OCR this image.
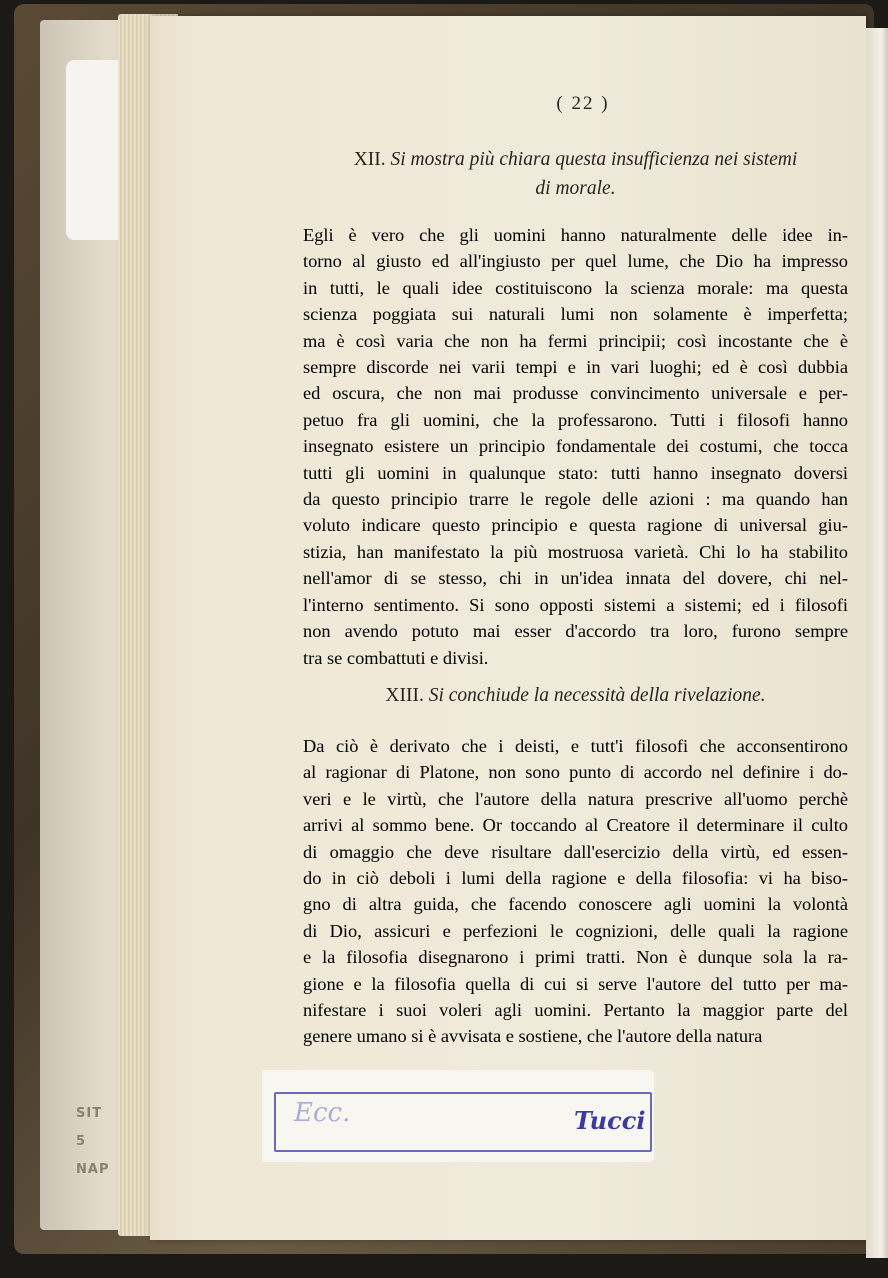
SIT
5
NAP
( 22 )
XII. Si mostra più chiara questa insufficienza nei sistemi
di morale.
Egli è vero che gli uomini hanno naturalmente delle idee in-
torno al giusto ed all'ingiusto per quel lume, che Dio ha impresso
in tutti, le quali idee costituiscono la scienza morale: ma questa
scienza poggiata sui naturali lumi non solamente è imperfetta;
ma è così varia che non ha fermi principii; così incostante che è
sempre discorde nei varii tempi e in vari luoghi; ed è così dubbia
ed oscura, che non mai produsse convincimento universale e per-
petuo fra gli uomini, che la professarono. Tutti i filosofi hanno
insegnato esistere un principio fondamentale dei costumi, che tocca
tutti gli uomini in qualunque stato: tutti hanno insegnato doversi
da questo principio trarre le regole delle azioni : ma quando han
voluto indicare questo principio e questa ragione di universal giu-
stizia, han manifestato la più mostruosa varietà. Chi lo ha stabilito
nell'amor di se stesso, chi in un'idea innata del dovere, chi nel-
l'interno sentimento. Si sono opposti sistemi a sistemi; ed i filosofi
non avendo potuto mai esser d'accordo tra loro, furono sempre
tra se combattuti e divisi.
XIII. Si conchiude la necessità della rivelazione.
Da ciò è derivato che i deisti, e tutt'i filosofi che acconsentirono
al ragionar di Platone, non sono punto di accordo nel definire i do-
veri e le virtù, che l'autore della natura prescrive all'uomo perchè
arrivi al sommo bene. Or toccando al Creatore il determinare il culto
di omaggio che deve risultare dall'esercizio della virtù, ed essen-
do in ciò deboli i lumi della ragione e della filosofia: vi ha biso-
gno di altra guida, che facendo conoscere agli uomini la volontà
di Dio, assicuri e perfezioni le cognizioni, delle quali la ragione
e la filosofia disegnarono i primi tratti. Non è dunque sola la ra-
gione e la filosofia quella di cui si serve l'autore del tutto per ma-
nifestare i suoi voleri agli uomini. Pertanto la maggior parte del
genere umano si è avvisata e sostiene, che l'autore della natura
Ecc.	Tucci
